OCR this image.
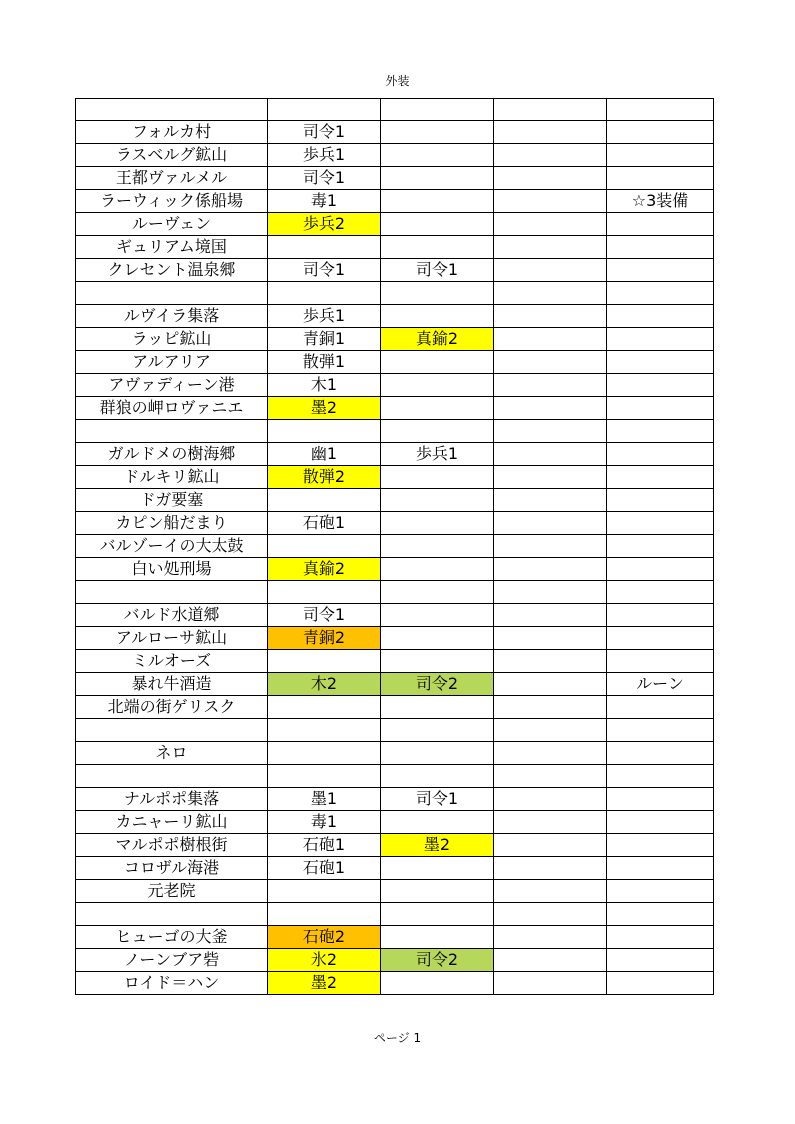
外装

フォルカ村	司令1			
ラスベルグ鉱山	歩兵1			
王都ヴァルメル	司令1			
ラーウィック係船場	毒1			☆3装備
ルーヴェン	歩兵2			
ギュリアム境国				
クレセント温泉郷	司令1	司令1		

ルヴイラ集落	歩兵1			
ラッピ鉱山	青銅1	真鍮2		
アルアリア	散弾1			
アヴァディーン港	木1			
群狼の岬ロヴァニエ	墨2			

ガルドメの樹海郷	幽1	歩兵1		
ドルキリ鉱山	散弾2			
ドガ要塞				
カピン船だまり	石砲1			
バルゾーイの大太鼓				
白い処刑場	真鍮2			

バルド水道郷	司令1			
アルローサ鉱山	青銅2			
ミルオーズ				
暴れ牛酒造	木2	司令2		ルーン
北端の街ゲリスク				

ネロ				

ナルポポ集落	墨1	司令1		
カニャーリ鉱山	毒1			
マルポポ樹根街	石砲1	墨2		
コロザル海港	石砲1			
元老院				

ヒューゴの大釜	石砲2			
ノーンブア砦	氷2	司令2		
ロイド＝ハン	墨2			
ページ 1
